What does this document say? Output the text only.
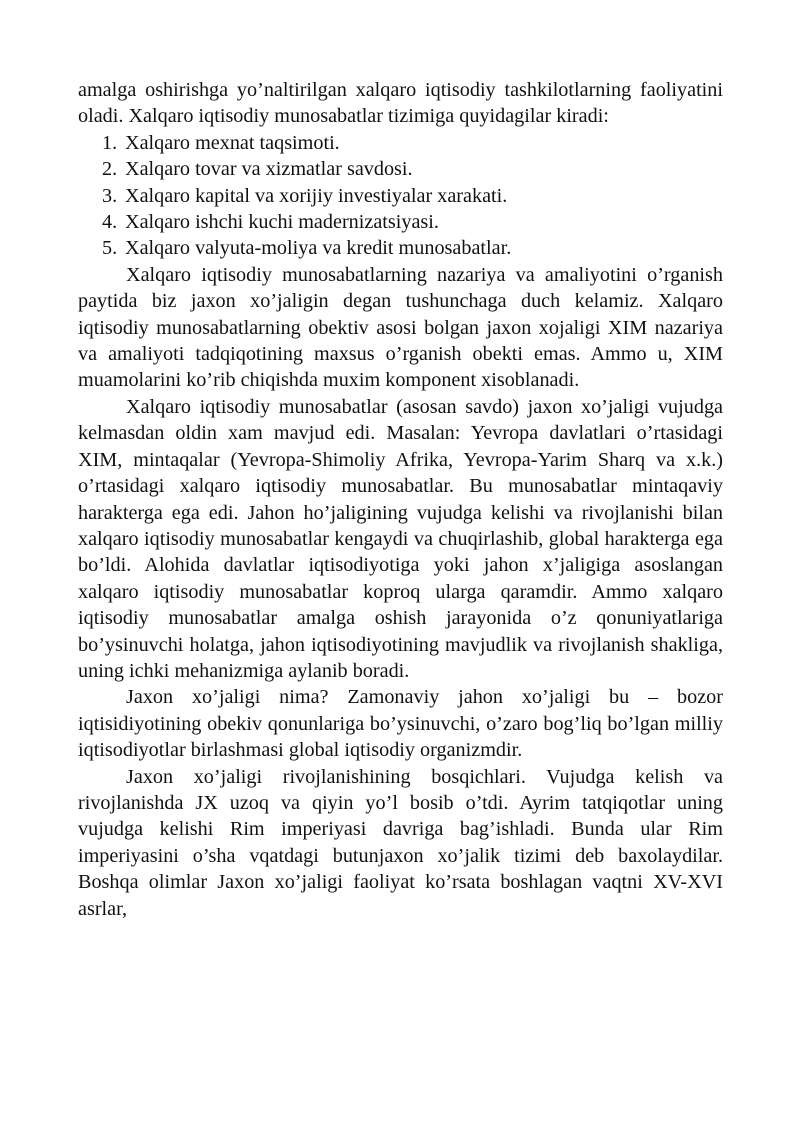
amalga oshirishga yo’naltirilgan xalqaro iqtisodiy tashkilotlarning faoliyatini oladi. Xalqaro iqtisodiy munosabatlar tizimiga quyidagilar kiradi:

1. Xalqaro mexnat taqsimoti.
2. Xalqaro tovar va xizmatlar savdosi.
3. Xalqaro kapital va xorijiy investiyalar xarakati.
4. Xalqaro ishchi kuchi madernizatsiyasi.
5. Xalqaro valyuta-moliya va kredit munosabatlar.

Xalqaro iqtisodiy munosabatlarning nazariya va amaliyotini o’rganish paytida biz jaxon xo’jaligin degan tushunchaga duch kelamiz. Xalqaro iqtisodiy munosabatlarning obektiv asosi bolgan jaxon xojaligi XIM nazariya va amaliyoti tadqiqotining maxsus o’rganish obekti emas. Ammo u, XIM muamolarini ko’rib chiqishda muxim komponent xisoblanadi.

Xalqaro iqtisodiy munosabatlar (asosan savdo) jaxon xo’jaligi vujudga kelmasdan oldin xam mavjud edi. Masalan: Yevropa davlatlari o’rtasidagi XIM, mintaqalar (Yevropa-Shimoliy Afrika, Yevropa-Yarim Sharq va x.k.) o’rtasidagi xalqaro iqtisodiy munosabatlar. Bu munosabatlar mintaqaviy harakterga ega edi. Jahon ho’jaligining vujudga kelishi va rivojlanishi bilan xalqaro iqtisodiy munosabatlar kengaydi va chuqirlashib, global harakterga ega bo’ldi. Alohida davlatlar iqtisodiyotiga yoki jahon x’jaligiga asoslangan xalqaro iqtisodiy munosabatlar koproq ularga qaramdir. Ammo xalqaro iqtisodiy munosabatlar amalga oshish jarayonida o’z qonuniyatlariga bo’ysinuvchi holatga, jahon iqtisodiyotining mavjudlik va rivojlanish shakliga, uning ichki mehanizmiga aylanib boradi.

Jaxon xo’jaligi nima? Zamonaviy jahon xo’jaligi bu – bozor iqtisidiyotining obekiv qonunlariga bo’ysinuvchi, o’zaro bog’liq bo’lgan milliy iqtisodiyotlar birlashmasi global iqtisodiy organizmdir.

Jaxon xo’jaligi rivojlanishining bosqichlari. Vujudga kelish va rivojlanishda JX uzoq va qiyin yo’l bosib o’tdi. Ayrim tatqiqotlar uning vujudga kelishi Rim imperiyasi davriga bag’ishladi. Bunda ular Rim imperiyasini o’sha vqatdagi butunjaxon xo’jalik tizimi deb baxolaydilar. Boshqa olimlar Jaxon xo’jaligi faoliyat ko’rsata boshlagan vaqtni XV-XVI asrlar,
